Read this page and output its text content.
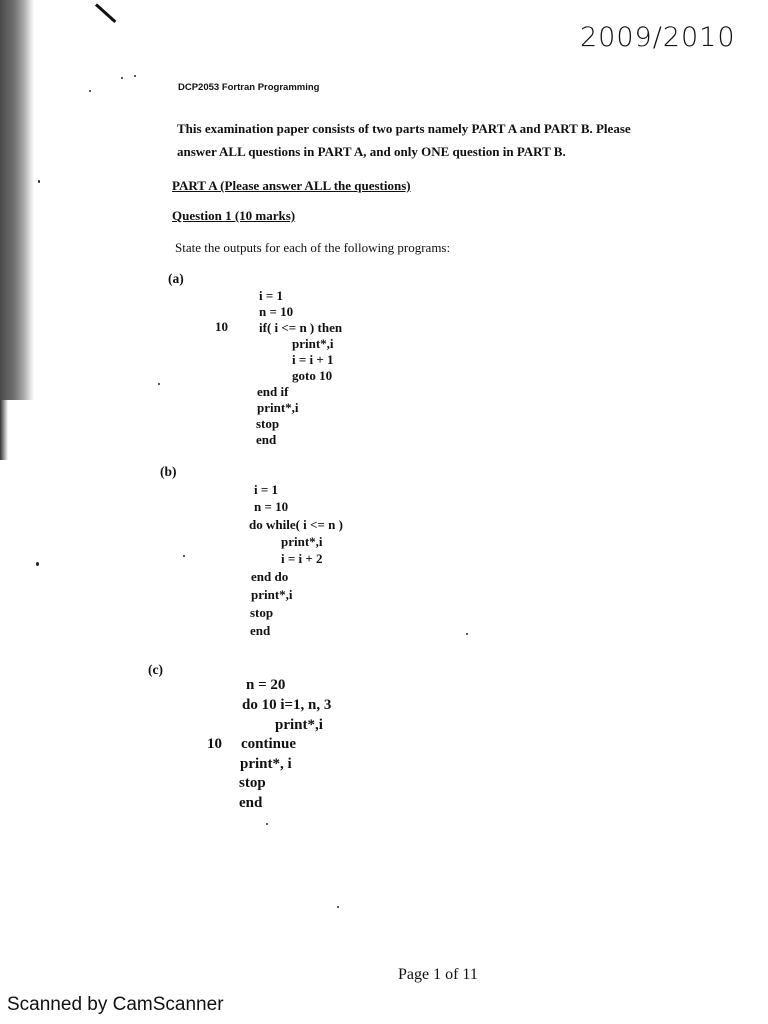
2009/2010
DCP2053 Fortran Programming
This examination paper consists of two parts namely PART A and PART B. Please
answer ALL questions in PART A, and only ONE question in PART B.
PART A (Please answer ALL the questions)
Question 1 (10 marks)
State the outputs for each of the following programs:
(a)
i = 1
n = 10
10 if( i <= n ) then
print*,i
i = i + 1
goto 10
end if
print*,i
stop
end
(b)
i = 1
n = 10
do while( i <= n )
print*,i
i = i + 2
end do
print*,i
stop
end
(c)
n = 20
do 10 i=1, n, 3
print*,i
10 continue
print*, i
stop
end
Page 1 of 11
Scanned by CamScanner
